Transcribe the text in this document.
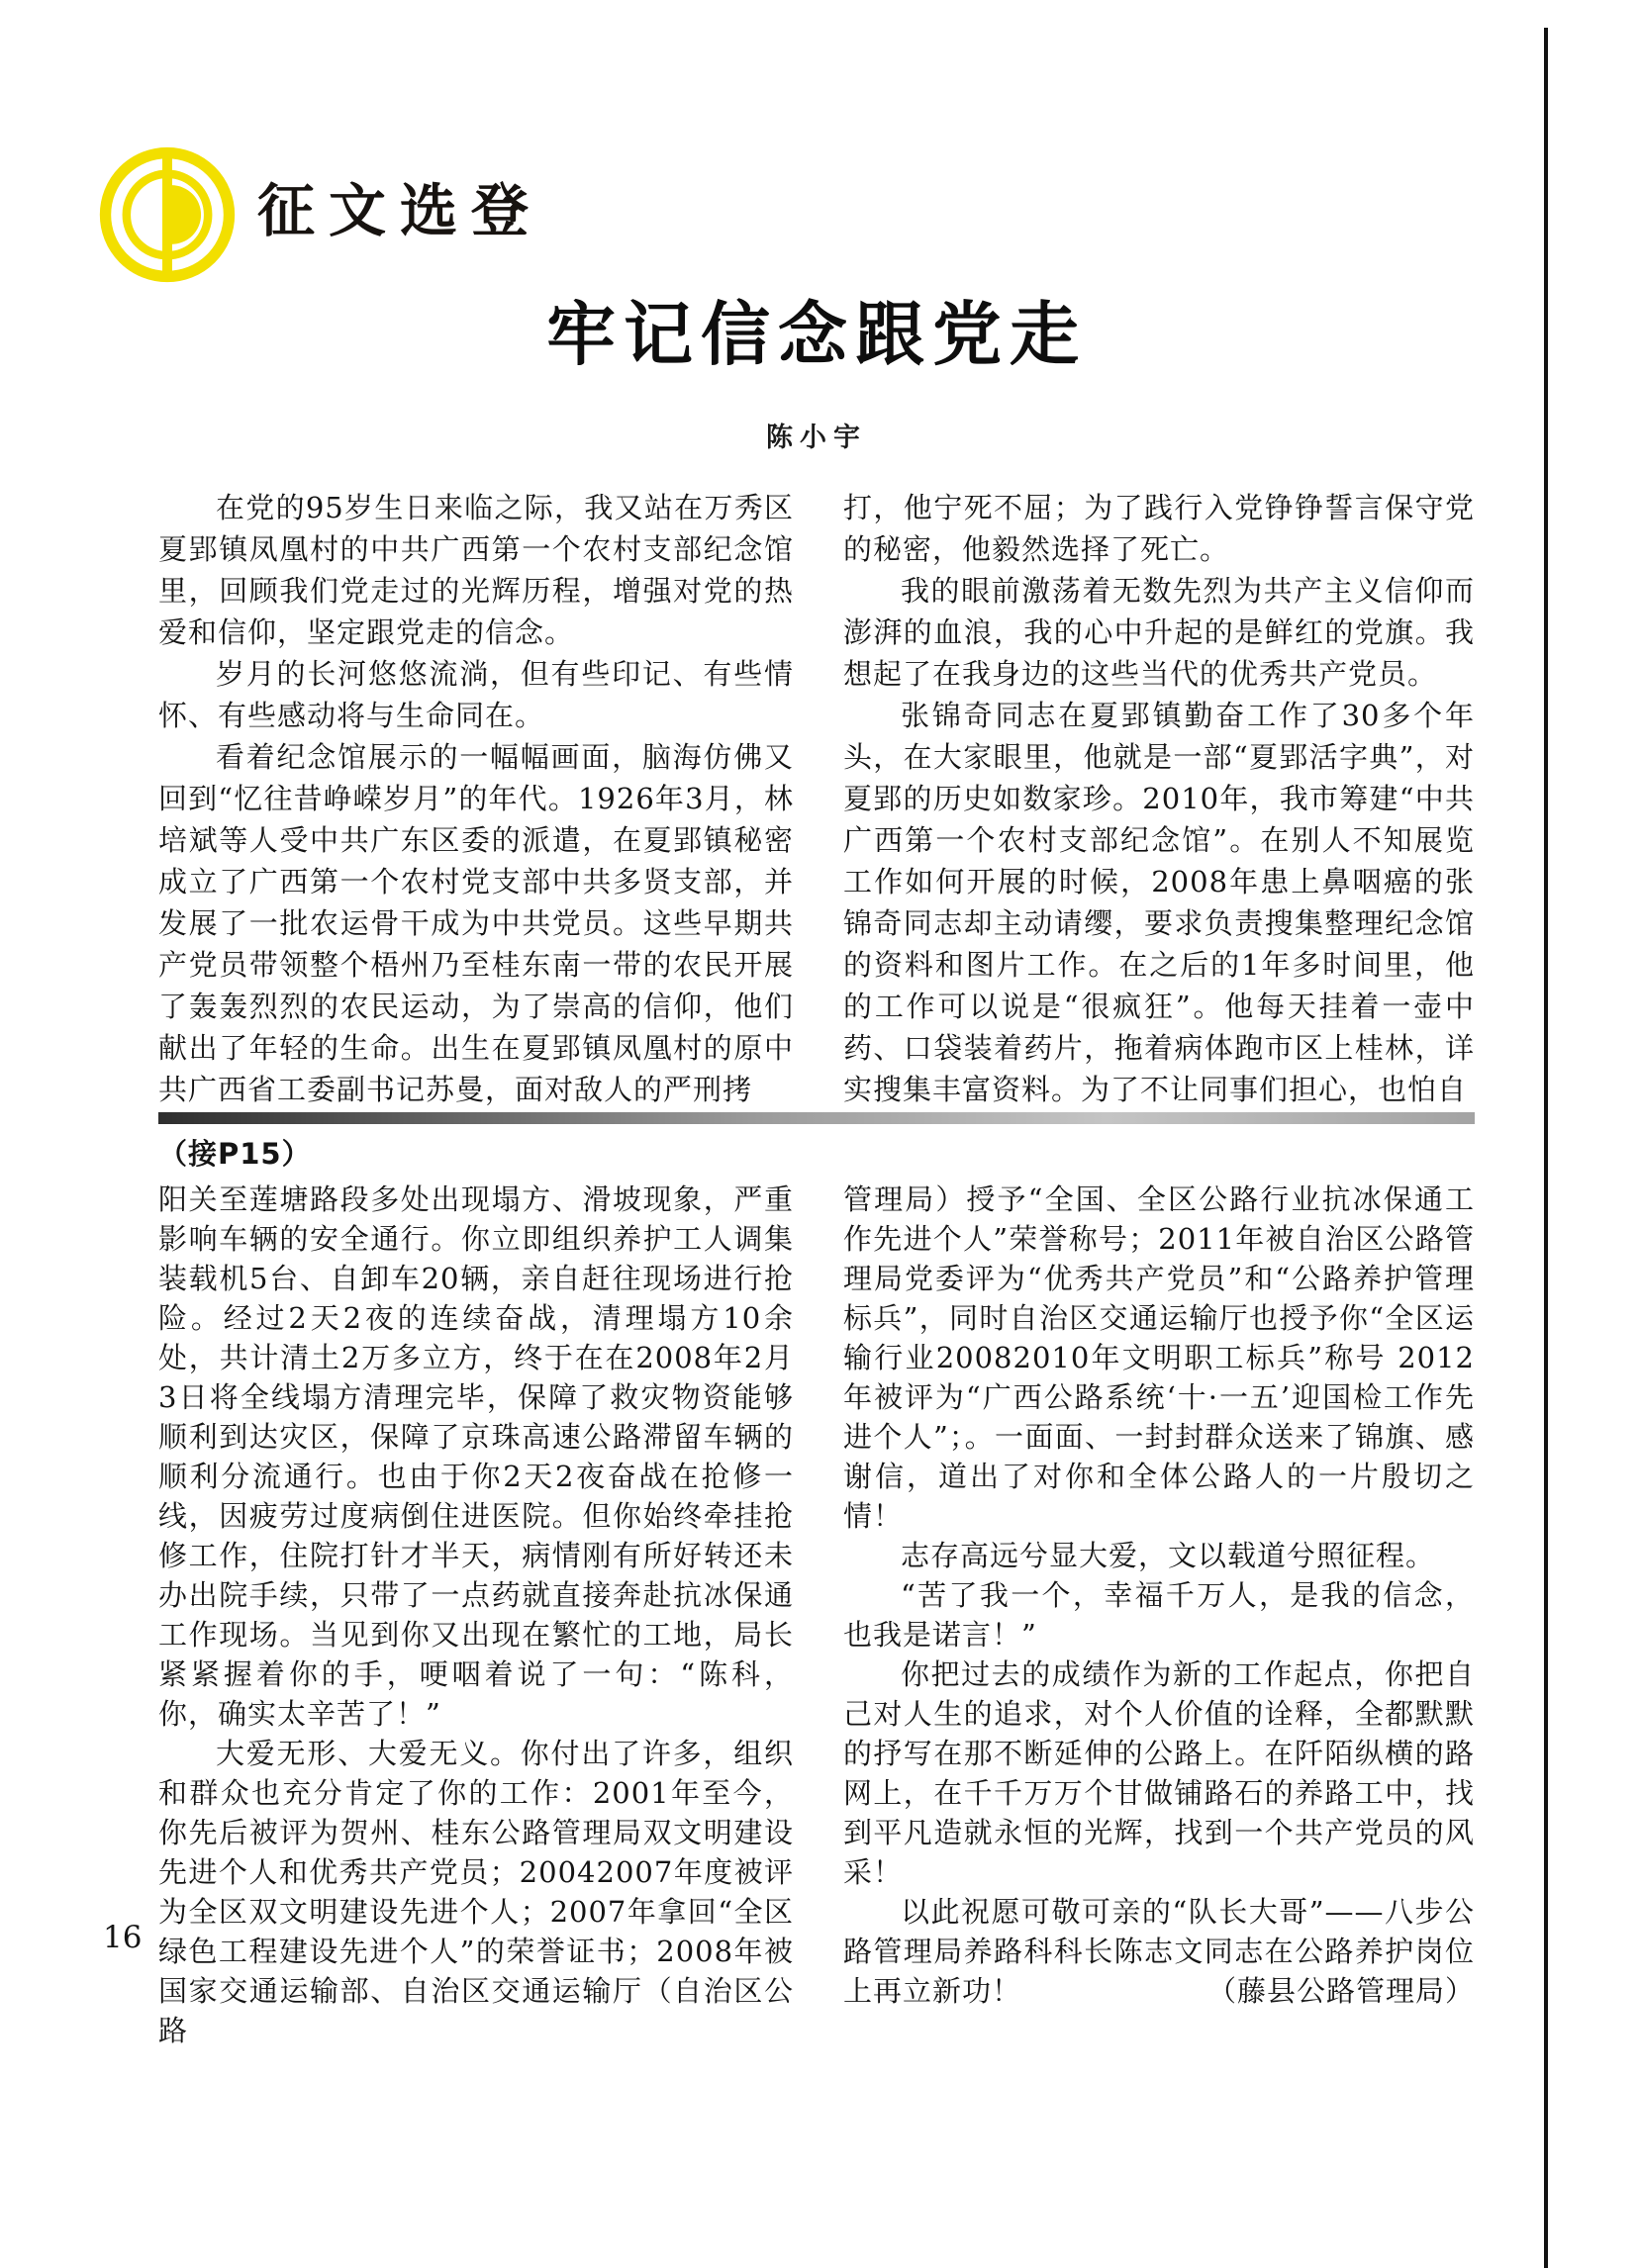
征文选登
牢记信念跟党走
陈小宇

在党的95岁生日来临之际，我又站在万秀区夏郢镇凤凰村的中共广西第一个农村支部纪念馆里，回顾我们党走过的光辉历程，增强对党的热爱和信仰，坚定跟党走的信念。

岁月的长河悠悠流淌，但有些印记、有些情怀、有些感动将与生命同在。

看着纪念馆展示的一幅幅画面，脑海仿佛又回到“忆往昔峥嵘岁月”的年代。1926年3月，林培斌等人受中共广东区委的派遣，在夏郢镇秘密成立了广西第一个农村党支部中共多贤支部，并发展了一批农运骨干成为中共党员。这些早期共产党员带领整个梧州乃至桂东南一带的农民开展了轰轰烈烈的农民运动，为了崇高的信仰，他们献出了年轻的生命。出生在夏郢镇凤凰村的原中共广西省工委副书记苏曼，面对敌人的严刑拷

打，他宁死不屈；为了践行入党铮铮誓言保守党的秘密，他毅然选择了死亡。

我的眼前激荡着无数先烈为共产主义信仰而澎湃的血浪，我的心中升起的是鲜红的党旗。我想起了在我身边的这些当代的优秀共产党员。

张锦奇同志在夏郢镇勤奋工作了30多个年头，在大家眼里，他就是一部“夏郢活字典”，对夏郢的历史如数家珍。2010年，我市筹建“中共广西第一个农村支部纪念馆”。在别人不知展览工作如何开展的时候，2008年患上鼻咽癌的张锦奇同志却主动请缨，要求负责搜集整理纪念馆的资料和图片工作。在之后的1年多时间里，他的工作可以说是“很疯狂”。他每天挂着一壶中药、口袋装着药片，拖着病体跑市区上桂林，详实搜集丰富资料。为了不让同事们担心，也怕自

（接P15）

阳关至莲塘路段多处出现塌方、滑坡现象，严重影响车辆的安全通行。你立即组织养护工人调集装载机5台、自卸车20辆，亲自赶往现场进行抢险。经过2天2夜的连续奋战，清理塌方10余处，共计清土2万多立方，终于在在2008年2月3日将全线塌方清理完毕，保障了救灾物资能够顺利到达灾区，保障了京珠高速公路滞留车辆的顺利分流通行。也由于你2天2夜奋战在抢修一线，因疲劳过度病倒住进医院。但你始终牵挂抢修工作，住院打针才半天，病情刚有所好转还未办出院手续，只带了一点药就直接奔赴抗冰保通工作现场。当见到你又出现在繁忙的工地，局长紧紧握着你的手，哽咽着说了一句：“陈科，你，确实太辛苦了！”

大爱无形、大爱无义。你付出了许多，组织和群众也充分肯定了你的工作：2001年至今，你先后被评为贺州、桂东公路管理局双文明建设先进个人和优秀共产党员；20042007年度被评为全区双文明建设先进个人；2007年拿回“全区绿色工程建设先进个人”的荣誉证书；2008年被国家交通运输部、自治区交通运输厅（自治区公路

管理局）授予“全国、全区公路行业抗冰保通工作先进个人”荣誉称号；2011年被自治区公路管理局党委评为“优秀共产党员”和“公路养护管理标兵”，同时自治区交通运输厅也授予你“全区运输行业20082010年文明职工标兵”称号 2012年被评为“广西公路系统‘十·一五’迎国检工作先进个人”；。一面面、一封封群众送来了锦旗、感谢信，道出了对你和全体公路人的一片殷切之情！

志存高远兮显大爱，文以载道兮照征程。

“苦了我一个，幸福千万人，是我的信念，也我是诺言！”

你把过去的成绩作为新的工作起点，你把自己对人生的追求，对个人价值的诠释，全都默默的抒写在那不断延伸的公路上。在阡陌纵横的路网上，在千千万万个甘做铺路石的养路工中，找到平凡造就永恒的光辉，找到一个共产党员的风采！

以此祝愿可敬可亲的“队长大哥”——八步公路管理局养路科科长陈志文同志在公路养护岗位上再立新功！	（藤县公路管理局）

16
